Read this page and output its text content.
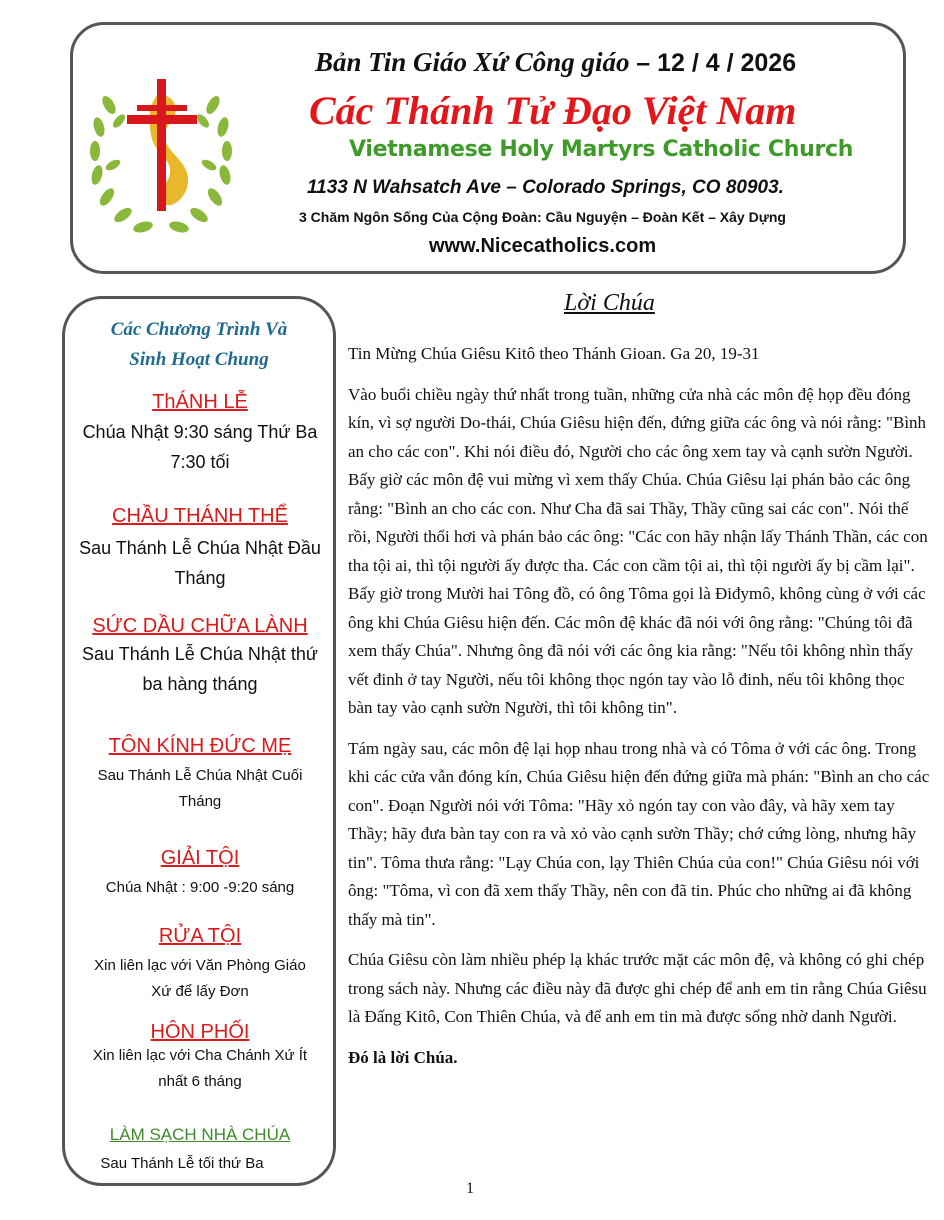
Bản Tin Giáo Xứ Công giáo – 12 / 4 / 2026
Các Thánh Tử Đạo Việt Nam
Vietnamese Holy Martyrs Catholic Church
1133 N Wahsatch Ave – Colorado Springs, CO 80903.
3 Chăm Ngôn Sống Của Cộng Đoàn: Cầu Nguyện – Đoàn Kết – Xây Dựng
www.Nicecatholics.com
Các Chương Trình Và
Sinh Hoạt Chung
ThÁNH LỄ
Chúa Nhật 9:30 sáng Thứ Ba
7:30 tối
CHẦU THÁNH THỂ
Sau Thánh Lễ Chúa Nhật Đầu
Tháng
SỨC DẦU CHỮA LÀNH
Sau Thánh Lễ Chúa Nhật thứ
ba hàng tháng
TÔN KÍNH ĐỨC MẸ
Sau Thánh Lễ Chúa Nhật Cuối
Tháng
GIẢI TỘI
Chúa Nhật : 9:00 -9:20 sáng
RỬA TỘI
Xin liên lạc với Văn Phòng Giáo
Xứ để lấy Đơn
HÔN PHỐI
Xin liên lạc với Cha Chánh Xứ Ít
nhất 6 tháng
LÀM SẠCH NHÀ CHÚA
Sau Thánh Lễ tối thứ Ba
Lời Chúa

Tin Mừng Chúa Giêsu Kitô theo Thánh Gioan. Ga 20, 19-31

Vào buổi chiều ngày thứ nhất trong tuần, những cửa nhà các môn đệ họp đều đóng kín, vì sợ người Do-thái, Chúa Giêsu hiện đến, đứng giữa các ông và nói rằng: "Bình an cho các con". Khi nói điều đó, Người cho các ông xem tay và cạnh sườn Người. Bấy giờ các môn đệ vui mừng vì xem thấy Chúa. Chúa Giêsu lại phán bảo các ông rằng: "Bình an cho các con. Như Cha đã sai Thầy, Thầy cũng sai các con". Nói thế rồi, Người thổi hơi và phán bảo các ông: "Các con hãy nhận lấy Thánh Thần, các con tha tội ai, thì tội người ấy được tha. Các con cầm tội ai, thì tội người ấy bị cầm lại". Bấy giờ trong Mười hai Tông đồ, có ông Tôma gọi là Điđymô, không cùng ở với các ông khi Chúa Giêsu hiện đến. Các môn đệ khác đã nói với ông rằng: "Chúng tôi đã xem thấy Chúa". Nhưng ông đã nói với các ông kia rằng: "Nếu tôi không nhìn thấy vết đinh ở tay Người, nếu tôi không thọc ngón tay vào lỗ đinh, nếu tôi không thọc bàn tay vào cạnh sườn Người, thì tôi không tin".

Tám ngày sau, các môn đệ lại họp nhau trong nhà và có Tôma ở với các ông. Trong khi các cửa vẫn đóng kín, Chúa Giêsu hiện đến đứng giữa mà phán: "Bình an cho các con". Đoạn Người nói với Tôma: "Hãy xỏ ngón tay con vào đây, và hãy xem tay Thầy; hãy đưa bàn tay con ra và xỏ vào cạnh sườn Thầy; chớ cứng lòng, nhưng hãy tin". Tôma thưa rằng: "Lạy Chúa con, lạy Thiên Chúa của con!" Chúa Giêsu nói với ông: "Tôma, vì con đã xem thấy Thầy, nên con đã tin. Phúc cho những ai đã không thấy mà tin".

Chúa Giêsu còn làm nhiều phép lạ khác trước mặt các môn đệ, và không có ghi chép trong sách này. Nhưng các điều này đã được ghi chép để anh em tin rằng Chúa Giêsu là Đấng Kitô, Con Thiên Chúa, và để anh em tin mà được sống nhờ danh Người.

Đó là lời Chúa.

1
